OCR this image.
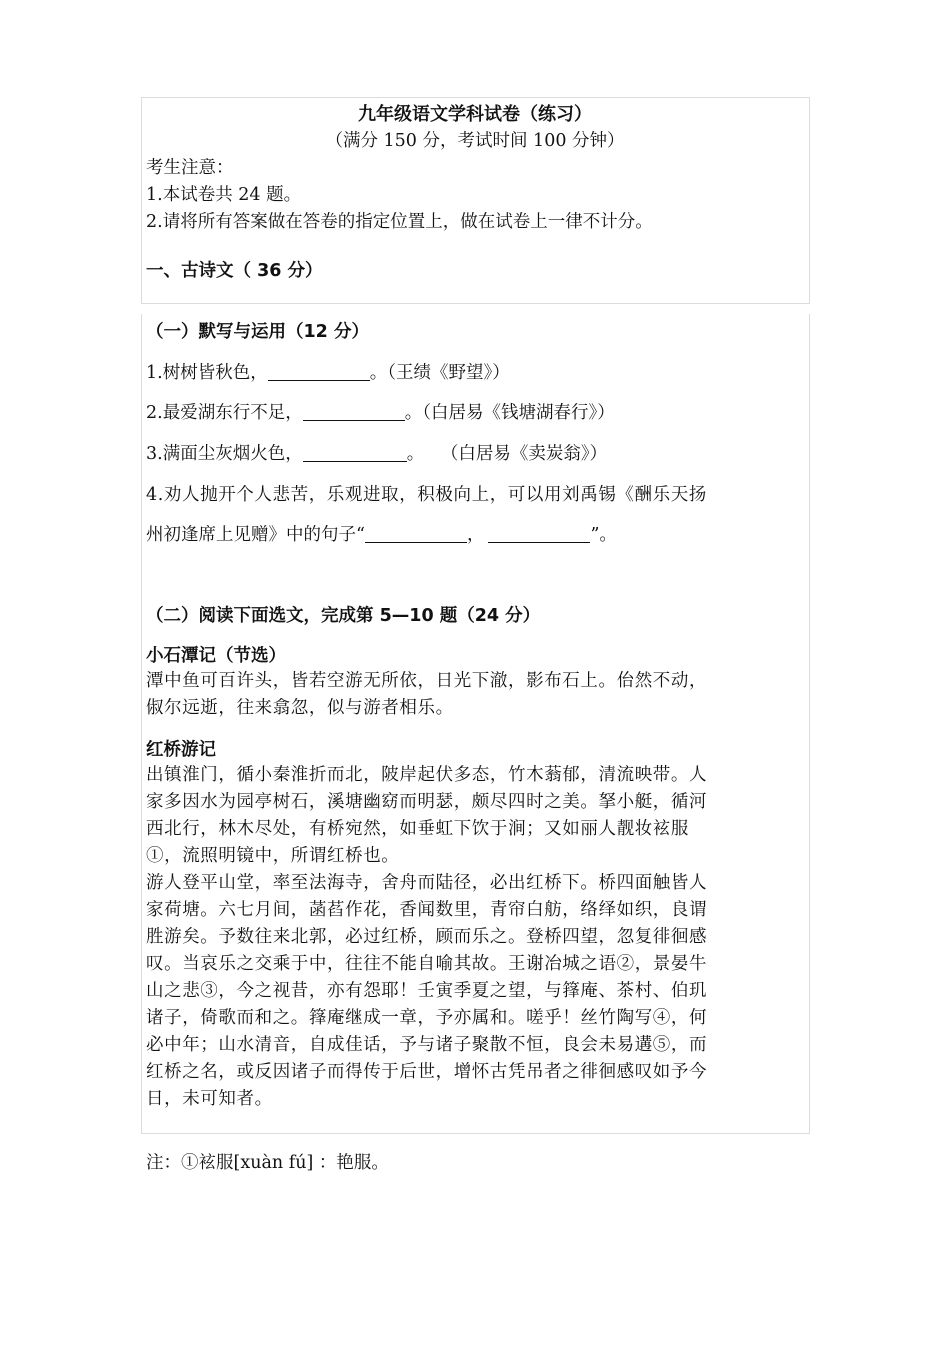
九年级语文学科试卷（练习）
（满分 150 分，考试时间 100 分钟）
考生注意：
1.本试卷共 24 题。
2.请将所有答案做在答卷的指定位置上，做在试卷上一律不计分。
一、古诗文（ 36 分）
（一）默写与运用（12 分）
1.树树皆秋色，	。（王绩《野望》）
2.最爱湖东行不足，	。（白居易《钱塘湖春行》）
3.满面尘灰烟火色，	。   （白居易《卖炭翁》）
4.劝人抛开个人悲苦，乐观进取，积极向上，可以用刘禹锡《酬乐天扬
州初逢席上见赠》中的句子“	，	”。
（二）阅读下面选文，完成第 5—10 题（24 分）
小石潭记（节选）
潭中鱼可百许头，皆若空游无所依，日光下澈，影布石上。佁然不动，
俶尔远逝，往来翕忽，似与游者相乐。
红桥游记
出镇淮门，循小秦淮折而北，陂岸起伏多态，竹木蓊郁，清流映带。人
家多因水为园亭树石，溪塘幽窈而明瑟，颇尽四时之美。拏小艇，循河
西北行，林木尽处，有桥宛然，如垂虹下饮于涧；又如丽人靓妆袨服
①，流照明镜中，所谓红桥也。
游人登平山堂，率至法海寺，舍舟而陆径，必出红桥下。桥四面触皆人
家荷塘。六七月间，菡萏作花，香闻数里，青帘白舫，络绎如织，良谓
胜游矣。予数往来北郭，必过红桥，顾而乐之。登桥四望，忽复徘徊感
叹。当哀乐之交乘于中，往往不能自喻其故。王谢冶城之语②，景晏牛
山之悲③，今之视昔，亦有怨耶！壬寅季夏之望，与箨庵、茶村、伯玑
诸子，倚歌而和之。箨庵继成一章，予亦属和。嗟乎！丝竹陶写④，何
必中年；山水清音，自成佳话，予与诸子聚散不恒，良会未易遘⑤，而
红桥之名，或反因诸子而得传于后世，增怀古凭吊者之徘徊感叹如予今
日，未可知者。
注：①袨服[xuàn fú] ：艳服。
